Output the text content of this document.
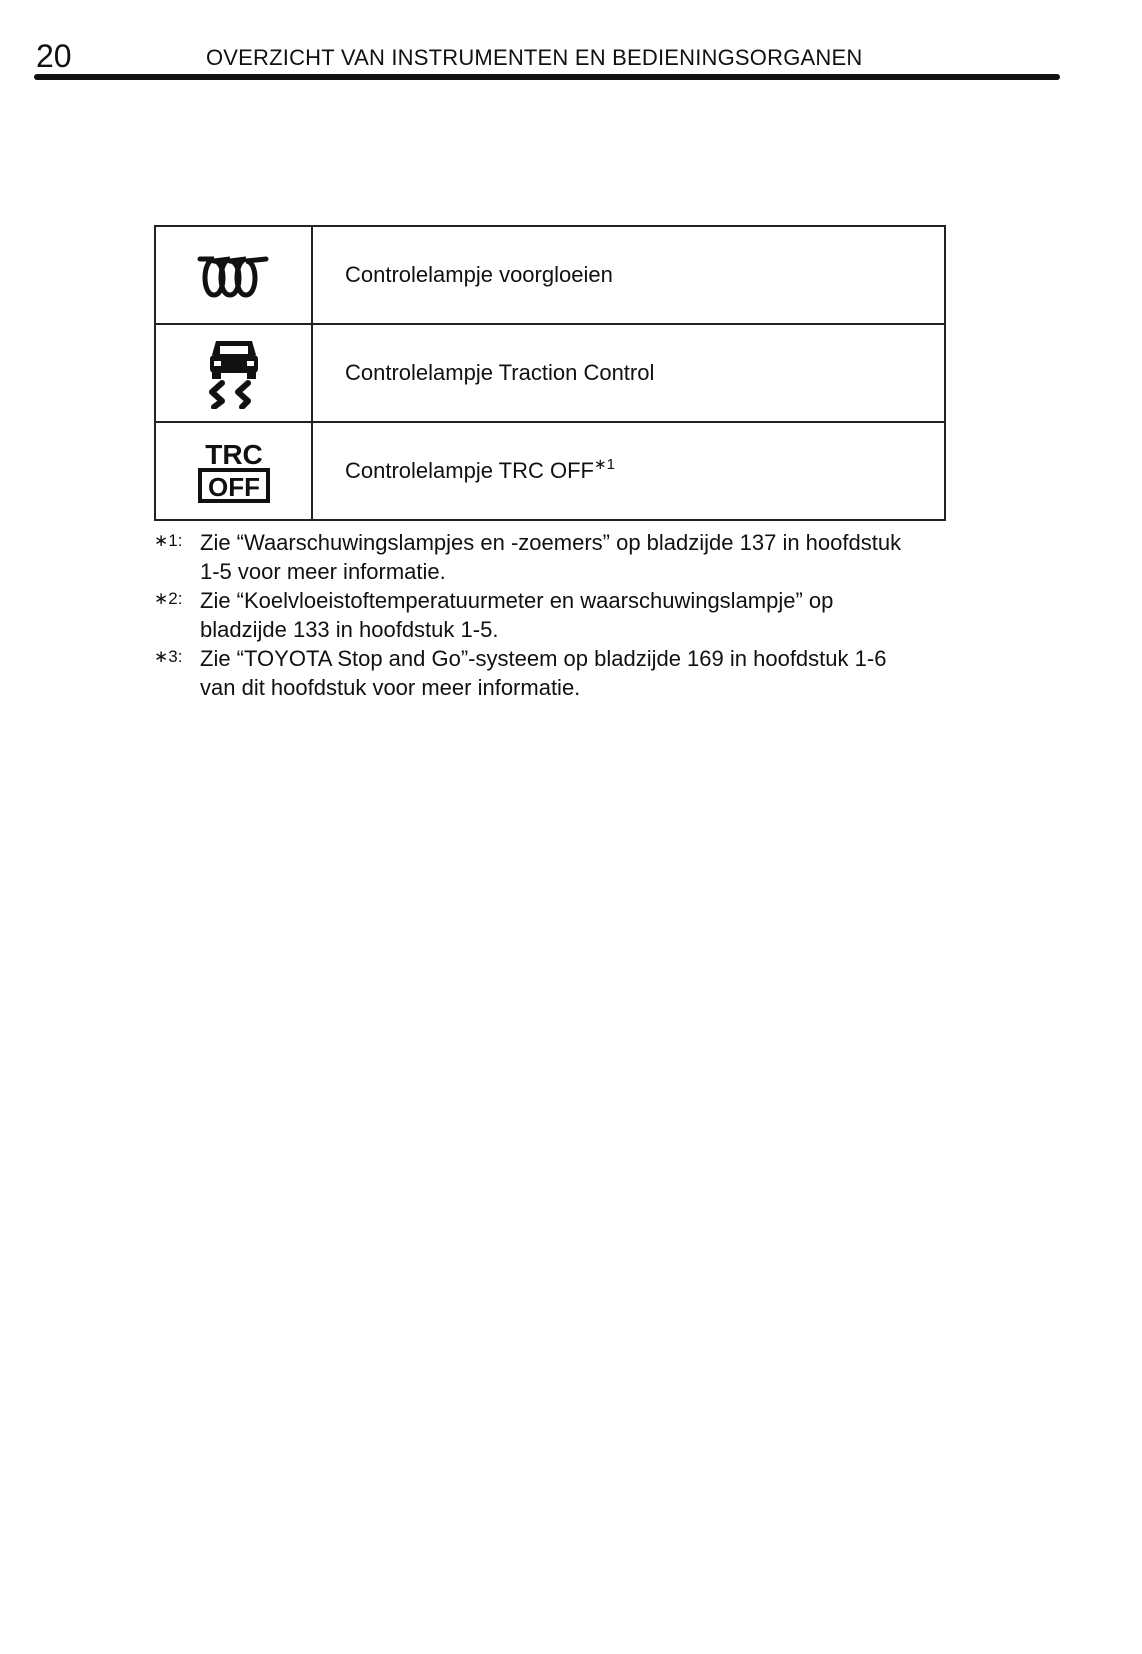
20	OVERZICHT VAN INSTRUMENTEN EN BEDIENINGSORGANEN
	Controlelampje voorgloeien

	Controlelampje Traction Control

TRC
OFF	Controlelampje TRC $OFF^{∗1}$
∗1: Zie “Waarschuwingslampjes en -zoemers” op bladzijde 137 in hoofdstuk 1-5 voor meer informatie.
∗2: Zie “Koelvloeistoftemperatuurmeter en waarschuwingslampje” op bladzijde 133 in hoofdstuk 1-5.
∗3: Zie “TOYOTA Stop and Go”-systeem op bladzijde 169 in hoofdstuk 1-6 van dit hoofdstuk voor meer informatie.
